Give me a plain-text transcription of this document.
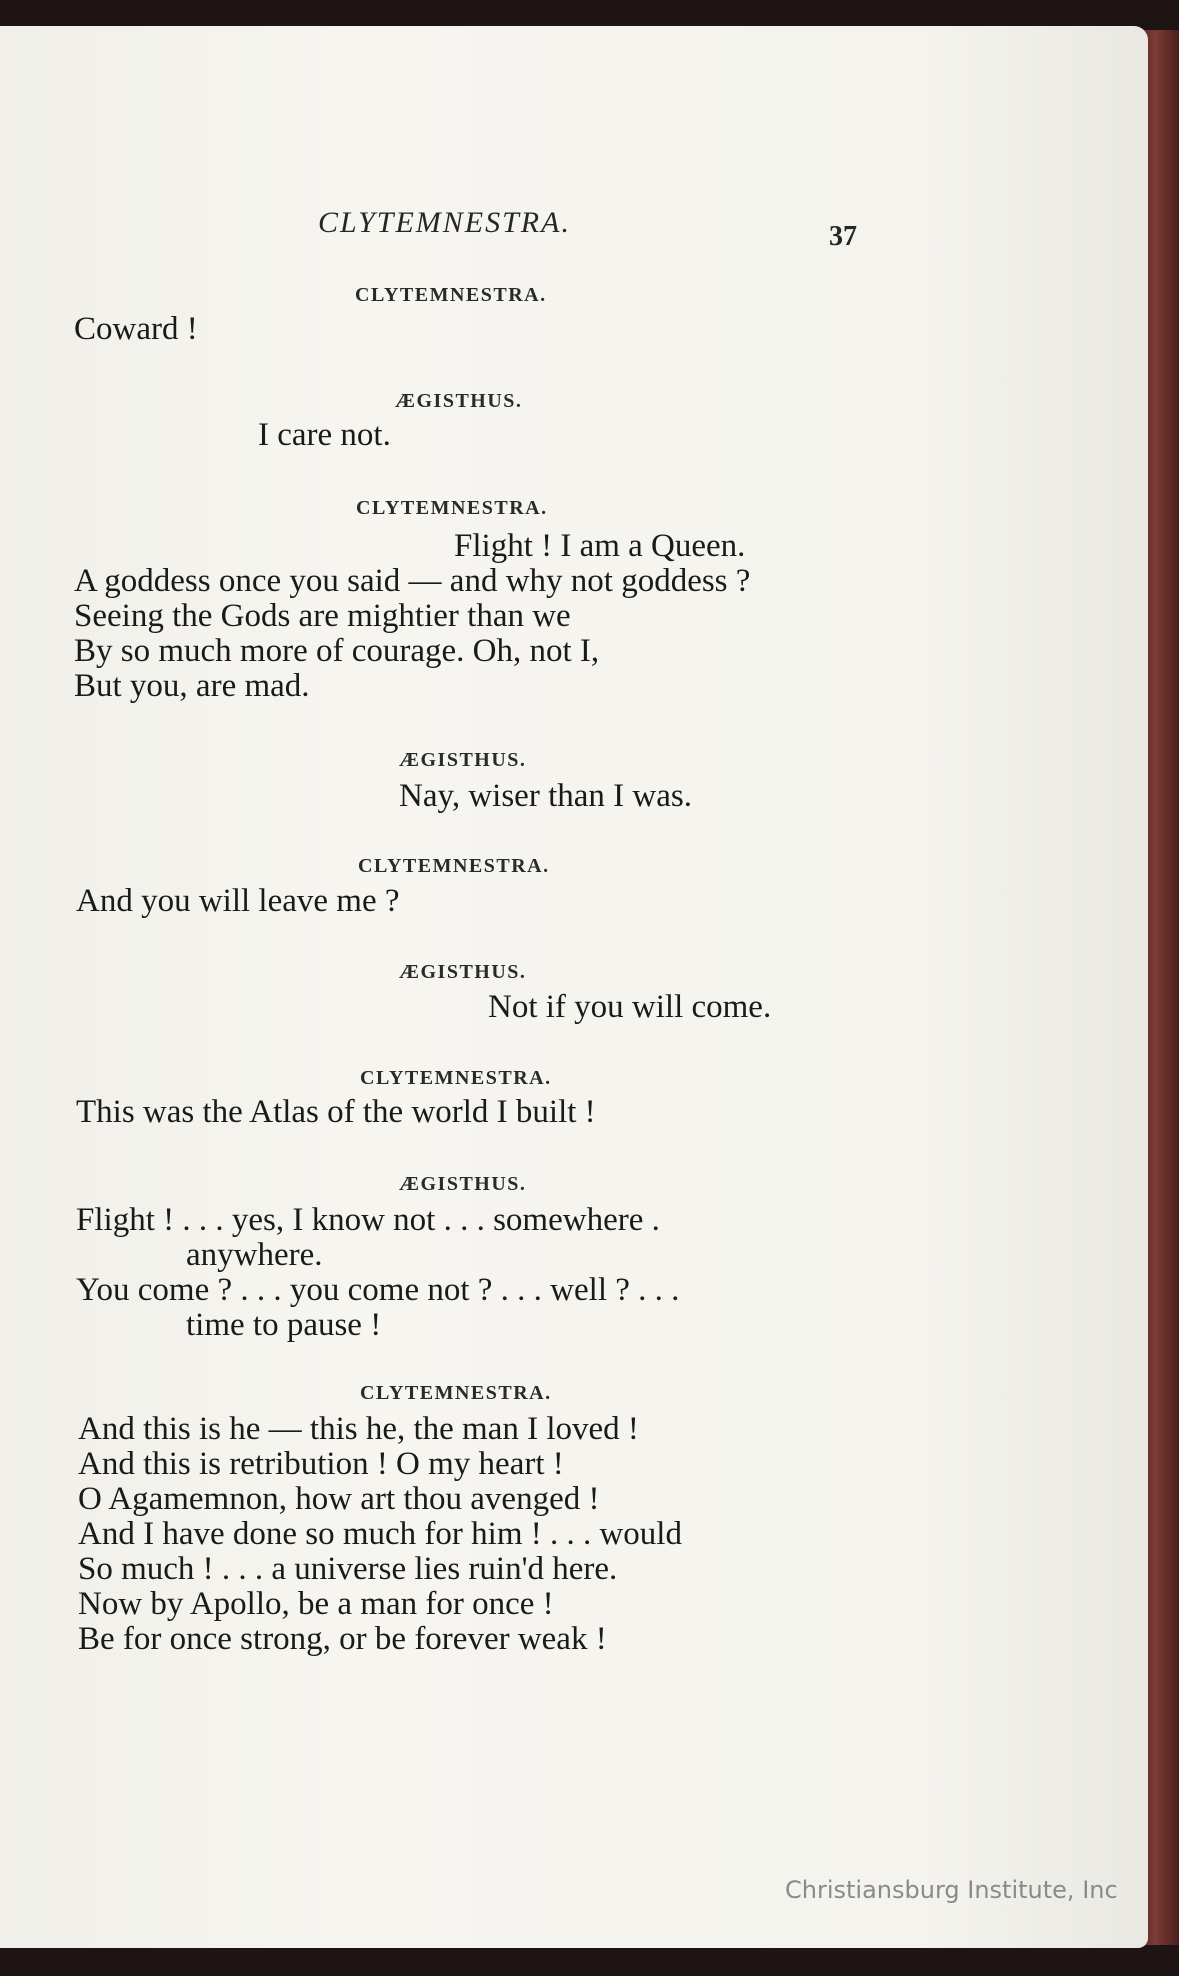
CLYTEMNESTRA.	37
CLYTEMNESTRA.
Coward !
ÆGISTHUS.
I care not.
CLYTEMNESTRA.
Flight ! I am a Queen.
A goddess once you said — and why not goddess ?
Seeing the Gods are mightier than we
By so much more of courage. Oh, not I,
But you, are mad.
ÆGISTHUS.
Nay, wiser than I was.
CLYTEMNESTRA.
And you will leave me ?
ÆGISTHUS.
Not if you will come.
CLYTEMNESTRA.
This was the Atlas of the world I built !
ÆGISTHUS.
Flight ! . . . yes, I know not . . . somewhere .
anywhere.
You come ? . . . you come not ? . . . well ? . . .
time to pause !
CLYTEMNESTRA.
And this is he — this he, the man I loved !
And this is retribution ! O my heart !
O Agamemnon, how art thou avenged !
And I have done so much for him ! . . . would
So much ! . . . a universe lies ruin'd here.
Now by Apollo, be a man for once !
Be for once strong, or be forever weak !
Christiansburg Institute, Inc
